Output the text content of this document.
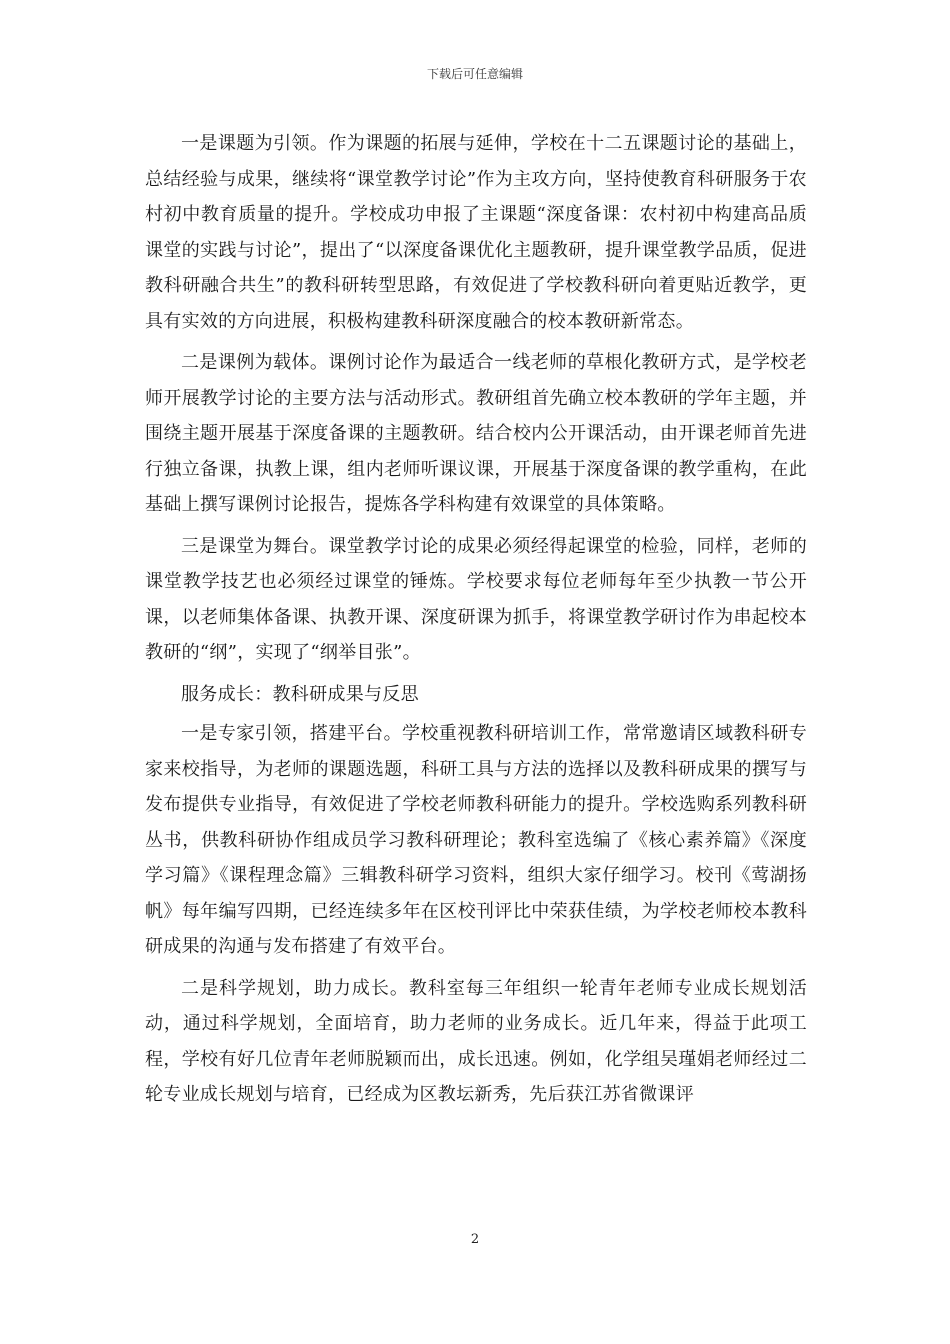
下载后可任意编辑

一是课题为引领。作为课题的拓展与延伸，学校在十二五课题讨论的基础上，总结经验与成果，继续将“课堂教学讨论”作为主攻方向，坚持使教育科研服务于农村初中教育质量的提升。学校成功申报了主课题“深度备课：农村初中构建高品质课堂的实践与讨论”，提出了“以深度备课优化主题教研，提升课堂教学品质，促进教科研融合共生”的教科研转型思路，有效促进了学校教科研向着更贴近教学，更具有实效的方向进展，积极构建教科研深度融合的校本教研新常态。

二是课例为载体。课例讨论作为最适合一线老师的草根化教研方式，是学校老师开展教学讨论的主要方法与活动形式。教研组首先确立校本教研的学年主题，并围绕主题开展基于深度备课的主题教研。结合校内公开课活动，由开课老师首先进行独立备课，执教上课，组内老师听课议课，开展基于深度备课的教学重构，在此基础上撰写课例讨论报告，提炼各学科构建有效课堂的具体策略。

三是课堂为舞台。课堂教学讨论的成果必须经得起课堂的检验，同样，老师的课堂教学技艺也必须经过课堂的锤炼。学校要求每位老师每年至少执教一节公开课，以老师集体备课、执教开课、深度研课为抓手，将课堂教学研讨作为串起校本教研的“纲”，实现了“纲举目张”。

服务成长：教科研成果与反思

一是专家引领，搭建平台。学校重视教科研培训工作，常常邀请区域教科研专家来校指导，为老师的课题选题，科研工具与方法的选择以及教科研成果的撰写与发布提供专业指导，有效促进了学校老师教科研能力的提升。学校选购系列教科研丛书，供教科研协作组成员学习教科研理论；教科室选编了《核心素养篇》《深度学习篇》《课程理念篇》三辑教科研学习资料，组织大家仔细学习。校刊《莺湖扬帆》每年编写四期，已经连续多年在区校刊评比中荣获佳绩，为学校老师校本教科研成果的沟通与发布搭建了有效平台。

二是科学规划，助力成长。教科室每三年组织一轮青年老师专业成长规划活动，通过科学规划，全面培育，助力老师的业务成长。近几年来，得益于此项工程，学校有好几位青年老师脱颖而出，成长迅速。例如，化学组吴瑾娟老师经过二轮专业成长规划与培育，已经成为区教坛新秀，先后获江苏省微课评

2
